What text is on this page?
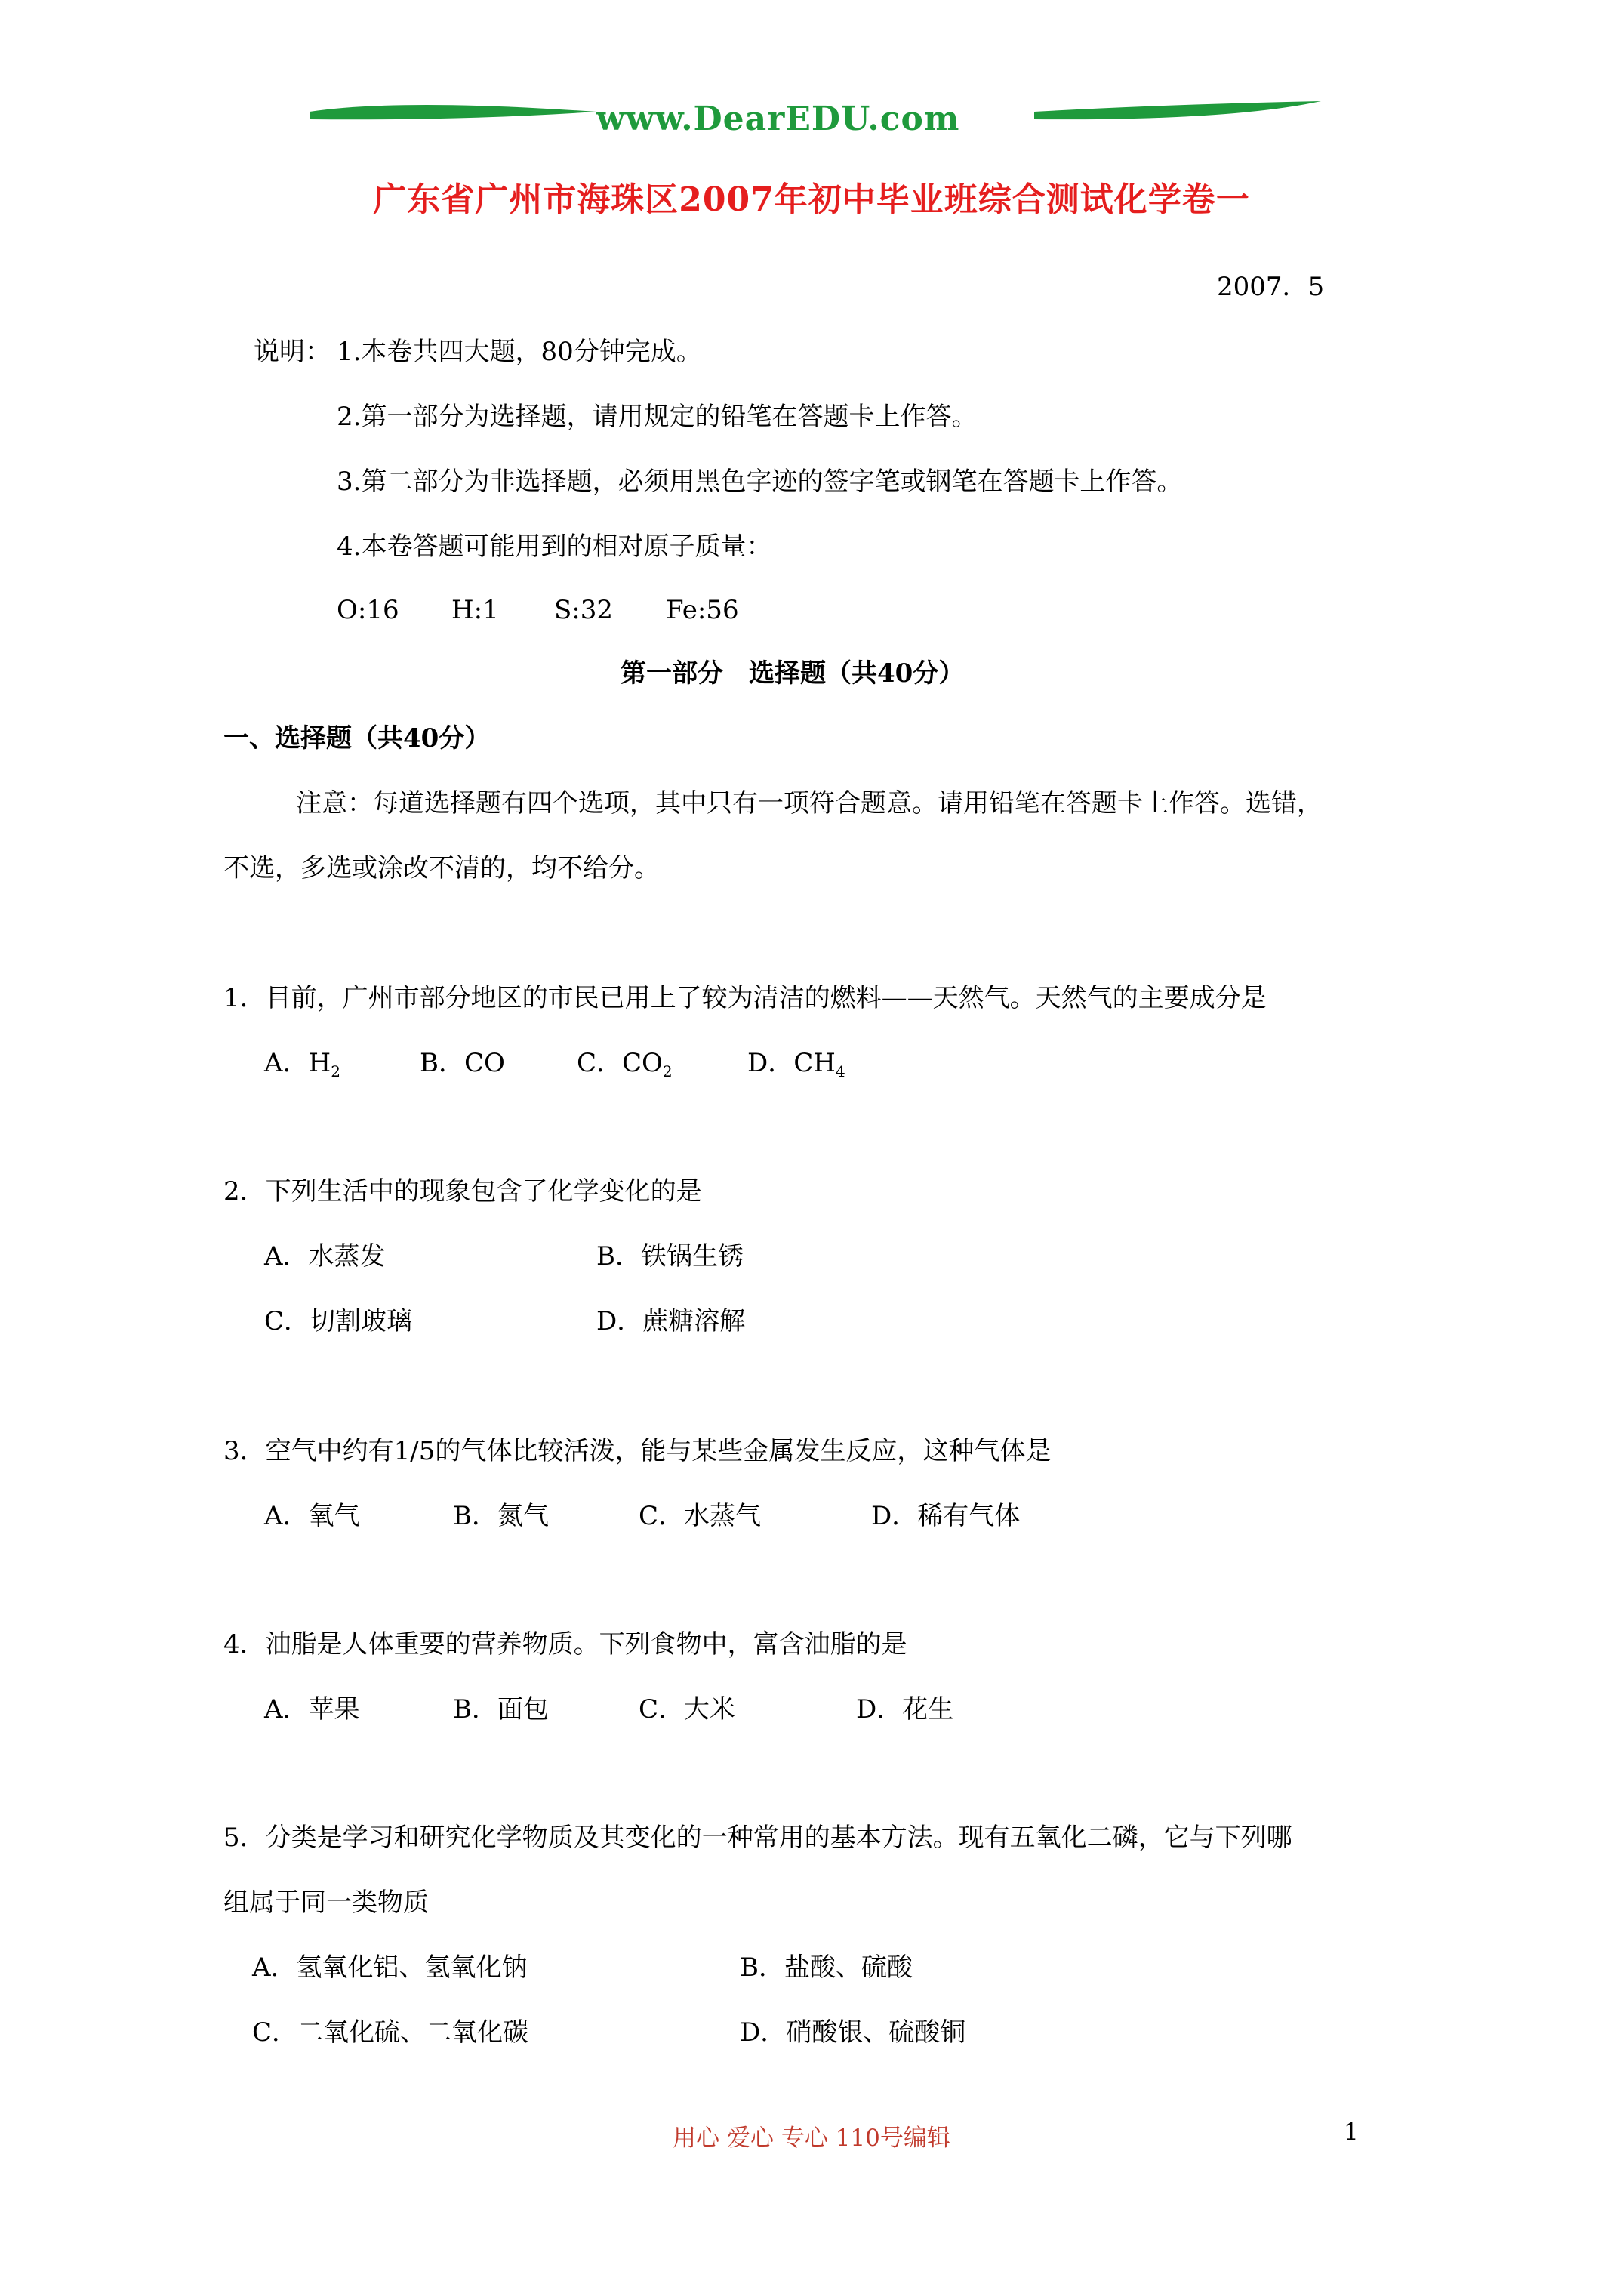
www.DearEDU.com
广东省广州市海珠区2007年初中毕业班综合测试化学卷一
2007．5
说明： 1.本卷共四大题，80分钟完成。
2.第一部分为选择题，请用规定的铅笔在答题卡上作答。
3.第二部分为非选择题，必须用黑色字迹的签字笔或钢笔在答题卡上作答。
4.本卷答题可能用到的相对原子质量：
O:16 H:1 S:32 Fe:56
第一部分　选择题（共40分）
一、选择题（共40分）
注意：每道选择题有四个选项，其中只有一项符合题意。请用铅笔在答题卡上作答。选错，
不选，多选或涂改不清的，均不给分。
1．目前，广州市部分地区的市民已用上了较为清洁的燃料——天然气。天然气的主要成分是
A．$H_2$	B．CO	C．$CO_2$	D．$CH_4$
2．下列生活中的现象包含了化学变化的是
A．水蒸发	B．铁锅生锈
C．切割玻璃	D．蔗糖溶解
3．空气中约有1/5的气体比较活泼，能与某些金属发生反应，这种气体是
A．氧气	B．氮气	C．水蒸气	D．稀有气体
4．油脂是人体重要的营养物质。下列食物中，富含油脂的是
A．苹果	B．面包	C．大米	D．花生
5．分类是学习和研究化学物质及其变化的一种常用的基本方法。现有五氧化二磷，它与下列哪
组属于同一类物质
A．氢氧化铝、氢氧化钠	B．盐酸、硫酸
C．二氧化硫、二氧化碳	D．硝酸银、硫酸铜
用心 爱心 专心 110号编辑	1
